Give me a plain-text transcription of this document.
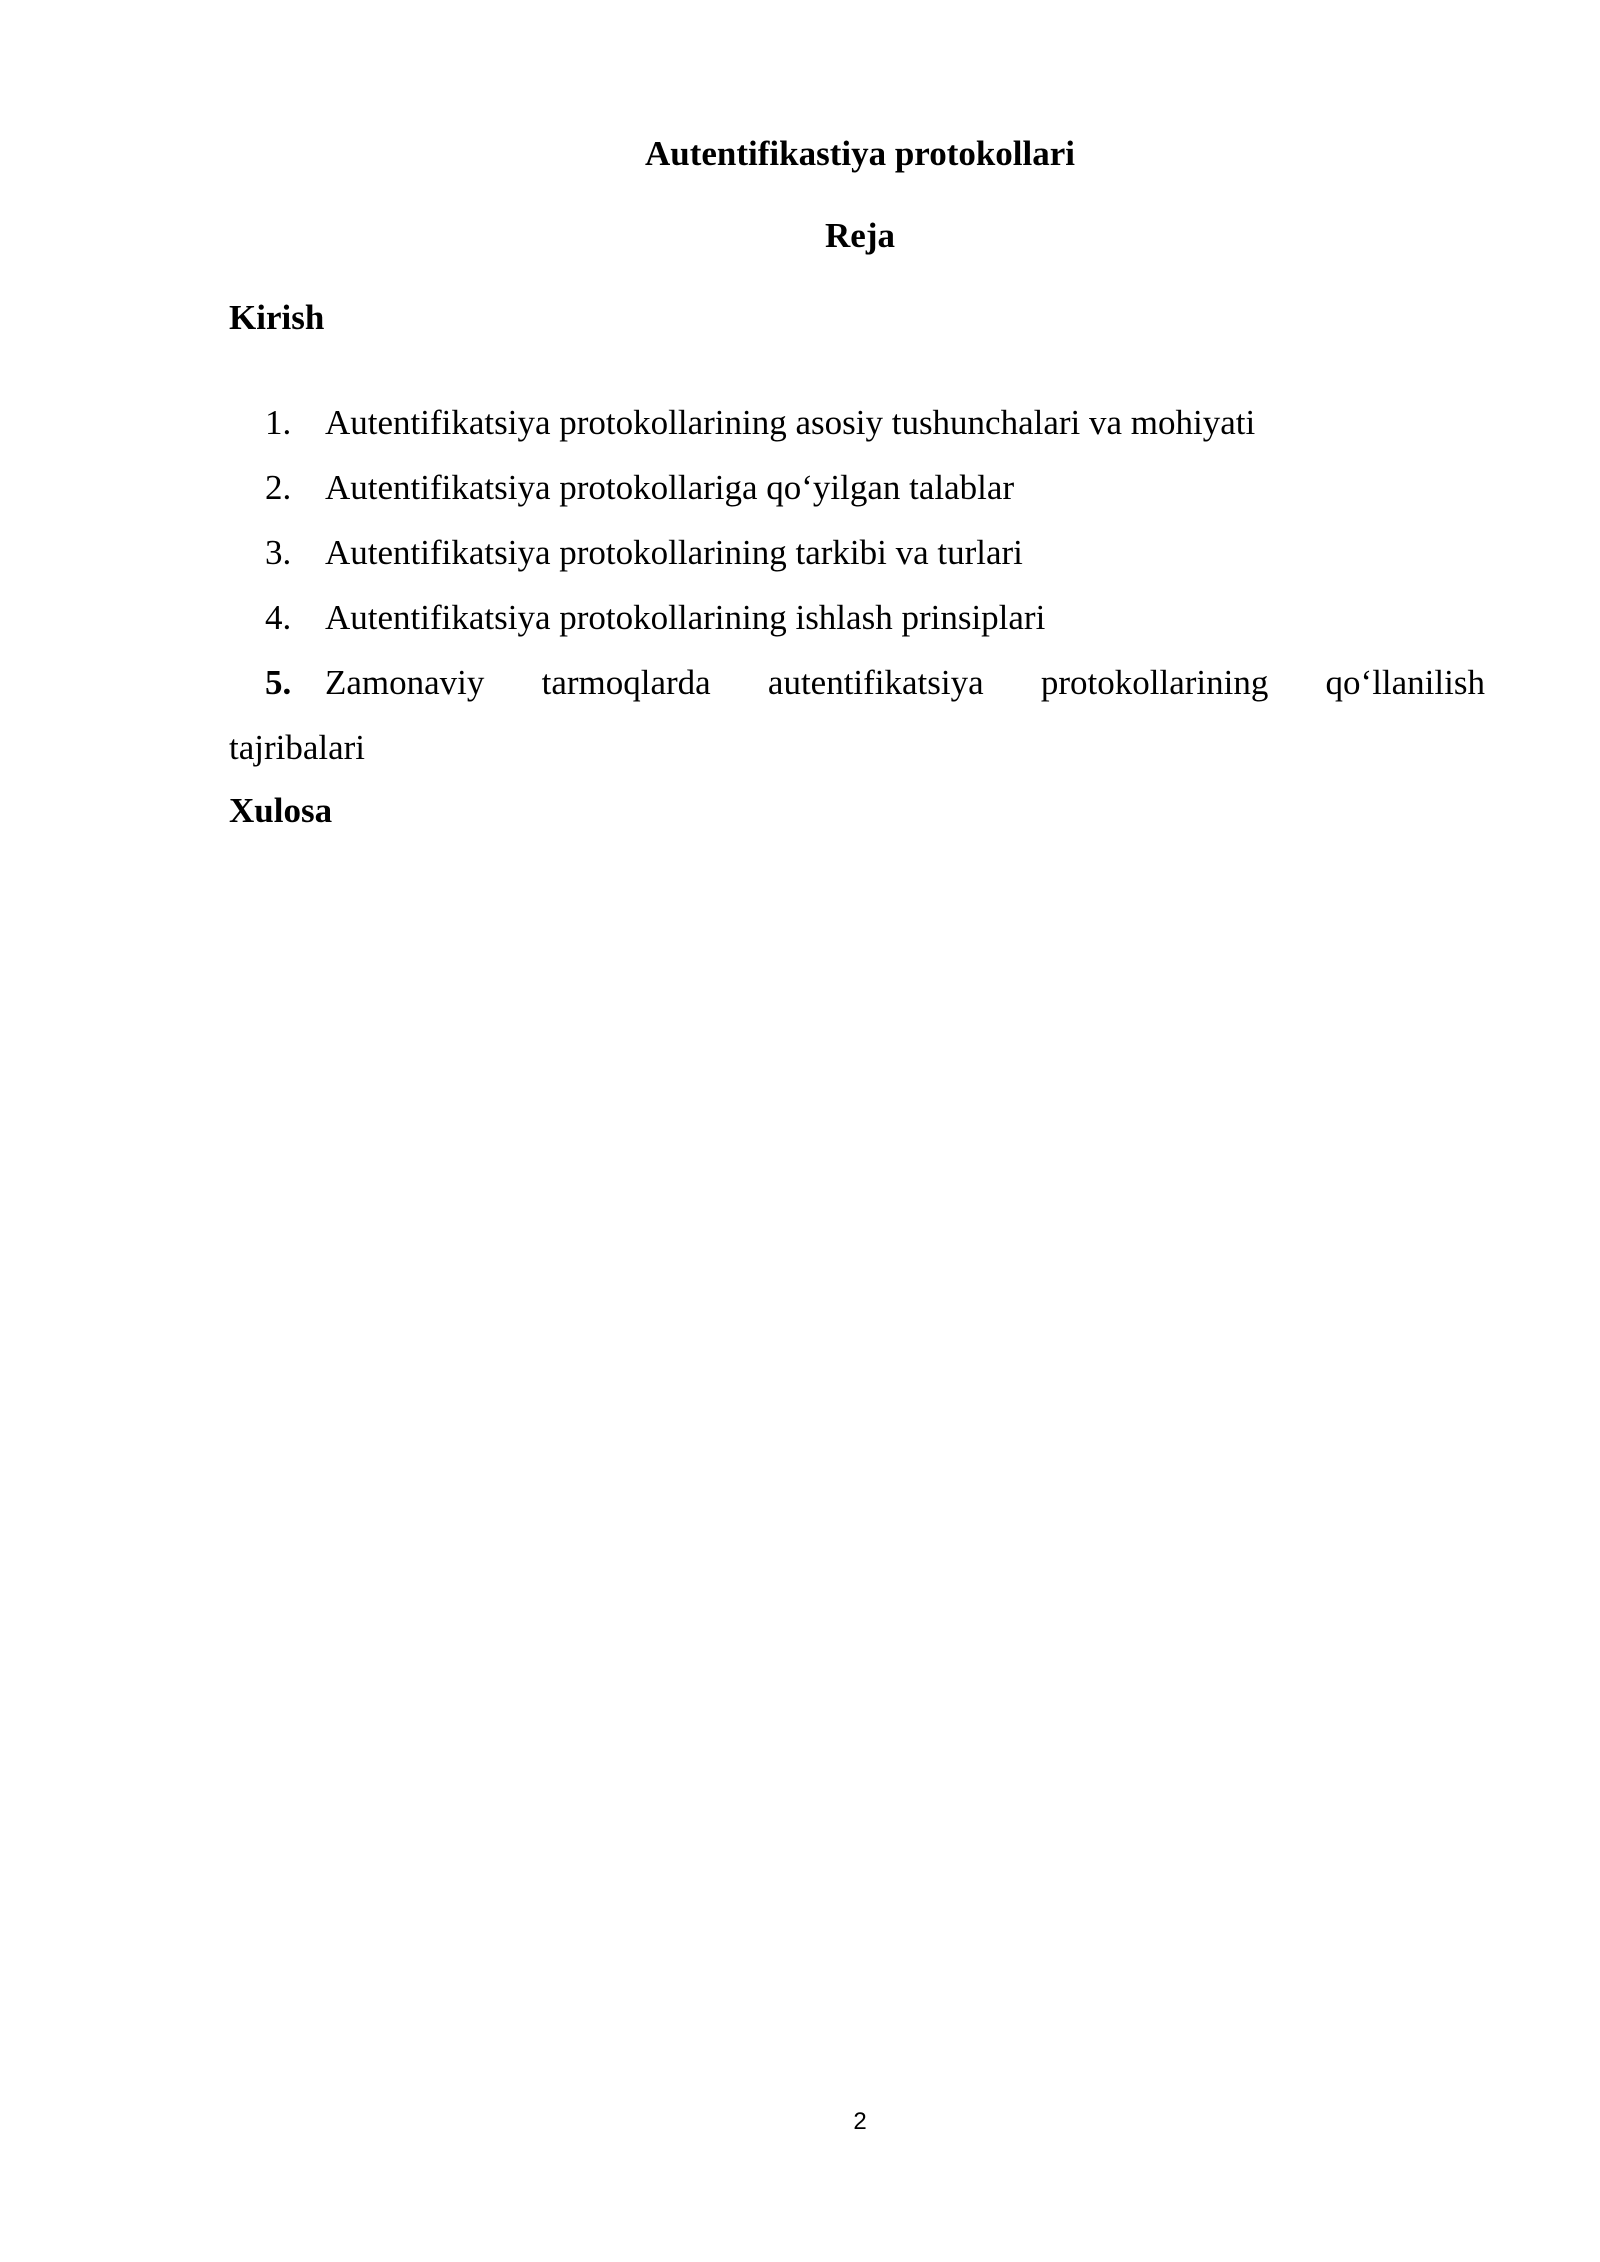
Autentifikastiya protokollari
Reja
Kirish
1. Autentifikatsiya protokollarining asosiy tushunchalari va mohiyati
2. Autentifikatsiya protokollariga qo‘yilgan talablar
3. Autentifikatsiya protokollarining tarkibi va turlari
4. Autentifikatsiya protokollarining ishlash prinsiplari
5. Zamonaviy tarmoqlarda autentifikatsiya protokollarining qo‘llanilish
tajribalari
Xulosa
2
